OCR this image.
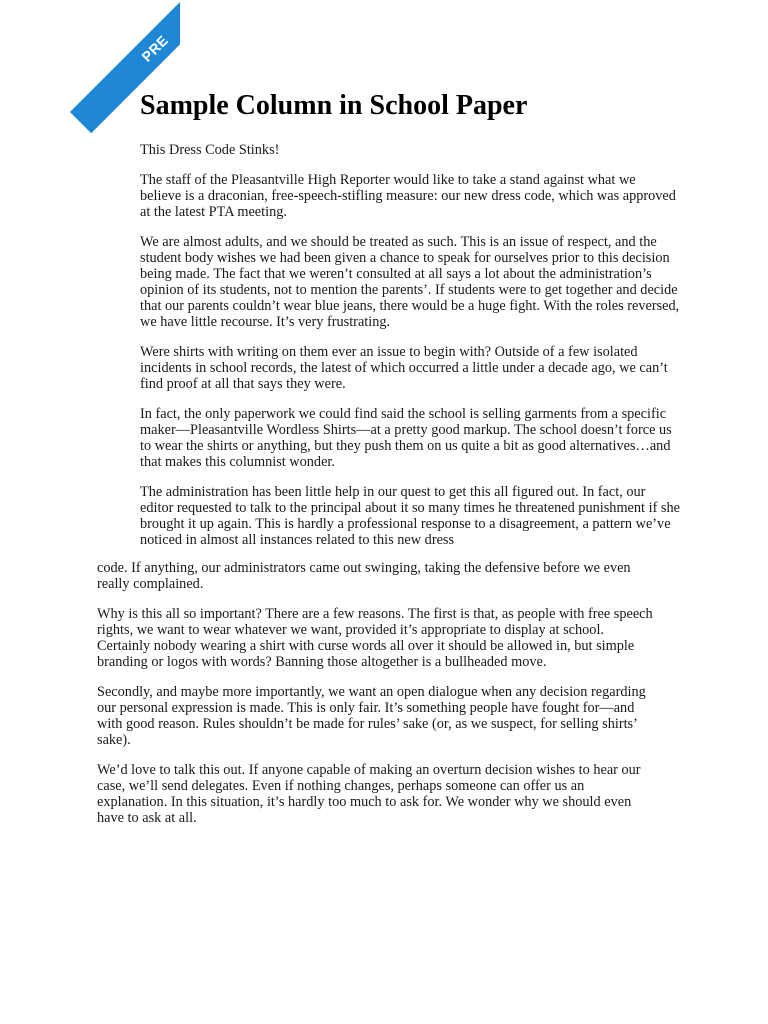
PRE
Sample Column in School Paper

This Dress Code Stinks!

The staff of the Pleasantville High Reporter would like to take a stand against what we believe is a draconian, free-speech-stifling measure: our new dress code, which was approved at the latest PTA meeting.

We are almost adults, and we should be treated as such. This is an issue of respect, and the student body wishes we had been given a chance to speak for ourselves prior to this decision being made. The fact that we weren’t consulted at all says a lot about the administration’s opinion of its students, not to mention the parents’. If students were to get together and decide that our parents couldn’t wear blue jeans, there would be a huge fight. With the roles reversed, we have little recourse. It’s very frustrating.

Were shirts with writing on them ever an issue to begin with? Outside of a few isolated incidents in school records, the latest of which occurred a little under a decade ago, we can’t find proof at all that says they were.

In fact, the only paperwork we could find said the school is selling garments from a specific maker—Pleasantville Wordless Shirts—at a pretty good markup. The school doesn’t force us to wear the shirts or anything, but they push them on us quite a bit as good alternatives…and that makes this columnist wonder.

The administration has been little help in our quest to get this all figured out. In fact, our editor requested to talk to the principal about it so many times he threatened punishment if she brought it up again. This is hardly a professional response to a disagreement, a pattern we’ve noticed in almost all instances related to this new dress

code. If anything, our administrators came out swinging, taking the defensive before we even really complained.

Why is this all so important? There are a few reasons. The first is that, as people with free speech rights, we want to wear whatever we want, provided it’s appropriate to display at school. Certainly nobody wearing a shirt with curse words all over it should be allowed in, but simple branding or logos with words? Banning those altogether is a bullheaded move.

Secondly, and maybe more importantly, we want an open dialogue when any decision regarding our personal expression is made. This is only fair. It’s something people have fought for—and with good reason. Rules shouldn’t be made for rules’ sake (or, as we suspect, for selling shirts’ sake).

We’d love to talk this out. If anyone capable of making an overturn decision wishes to hear our case, we’ll send delegates. Even if nothing changes, perhaps someone can offer us an explanation. In this situation, it’s hardly too much to ask for. We wonder why we should even have to ask at all.
